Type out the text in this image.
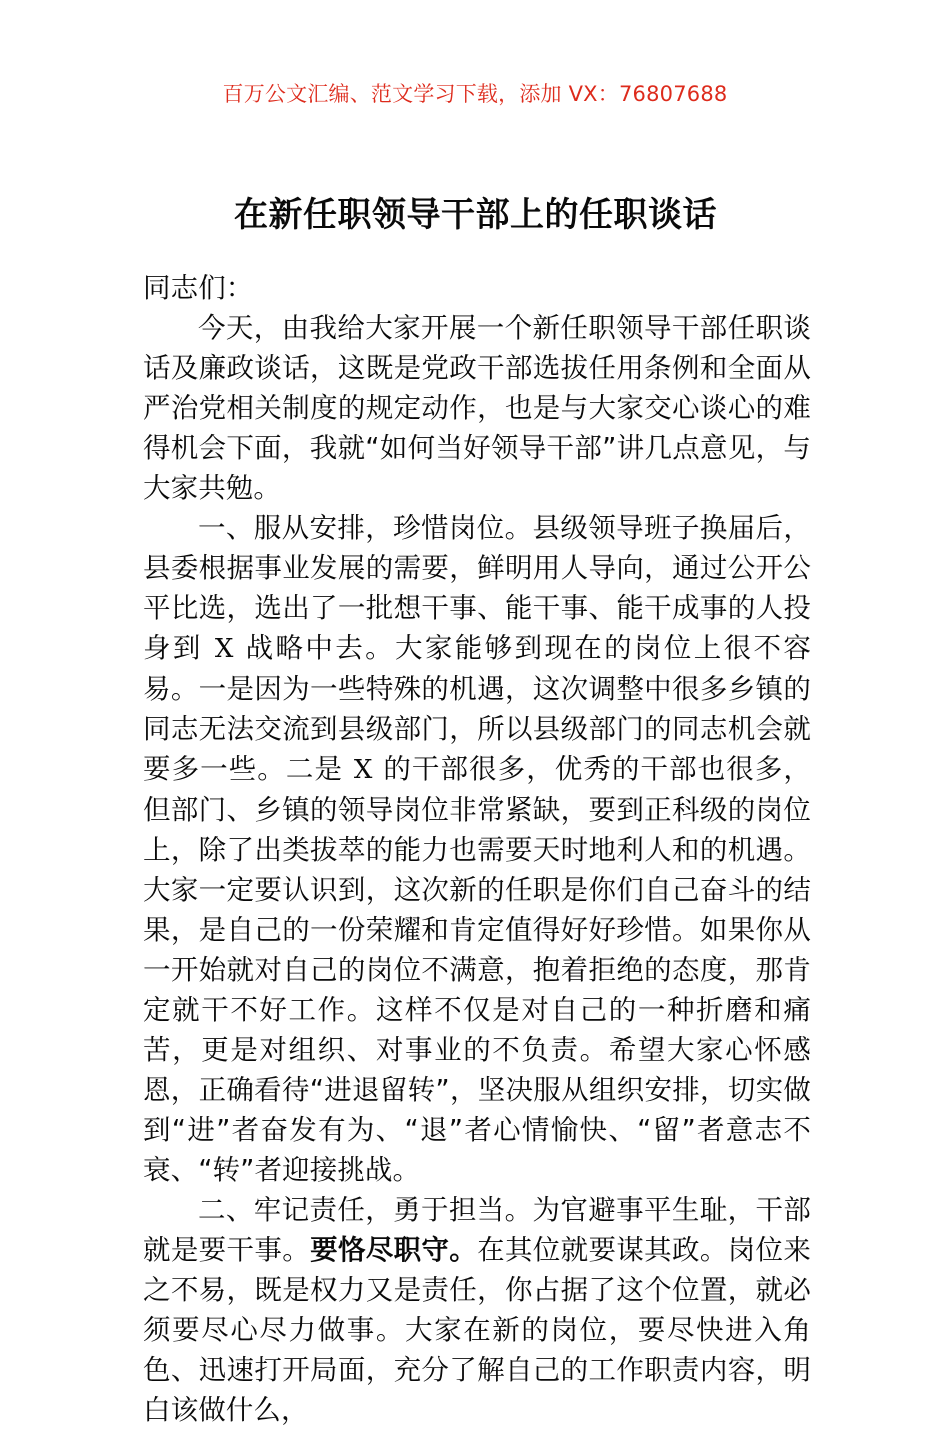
百万公文汇编、范文学习下载，添加 VX：76807688
在新任职领导干部上的任职谈话

同志们：

今天，由我给大家开展一个新任职领导干部任职谈话及廉政谈话，这既是党政干部选拔任用条例和全面从严治党相关制度的规定动作，也是与大家交心谈心的难得机会下面，我就“如何当好领导干部”讲几点意见，与大家共勉。

一、服从安排，珍惜岗位。县级领导班子换届后，县委根据事业发展的需要，鲜明用人导向，通过公开公平比选，选出了一批想干事、能干事、能干成事的人投身到 X 战略中去。大家能够到现在的岗位上很不容易。一是因为一些特殊的机遇，这次调整中很多乡镇的同志无法交流到县级部门，所以县级部门的同志机会就要多一些。二是 X 的干部很多，优秀的干部也很多，但部门、乡镇的领导岗位非常紧缺，要到正科级的岗位上，除了出类拔萃的能力也需要天时地利人和的机遇。大家一定要认识到，这次新的任职是你们自己奋斗的结果，是自己的一份荣耀和肯定值得好好珍惜。如果你从一开始就对自己的岗位不满意，抱着拒绝的态度，那肯定就干不好工作。这样不仅是对自己的一种折磨和痛苦，更是对组织、对事业的不负责。希望大家心怀感恩，正确看待“进退留转”，坚决服从组织安排，切实做到“进”者奋发有为、“退”者心情愉快、“留”者意志不衰、“转”者迎接挑战。

二、牢记责任，勇于担当。为官避事平生耻，干部就是要干事。要恪尽职守。在其位就要谋其政。岗位来之不易，既是权力又是责任，你占据了这个位置，就必须要尽心尽力做事。大家在新的岗位，要尽快进入角色、迅速打开局面，充分了解自己的工作职责内容，明白该做什么，
